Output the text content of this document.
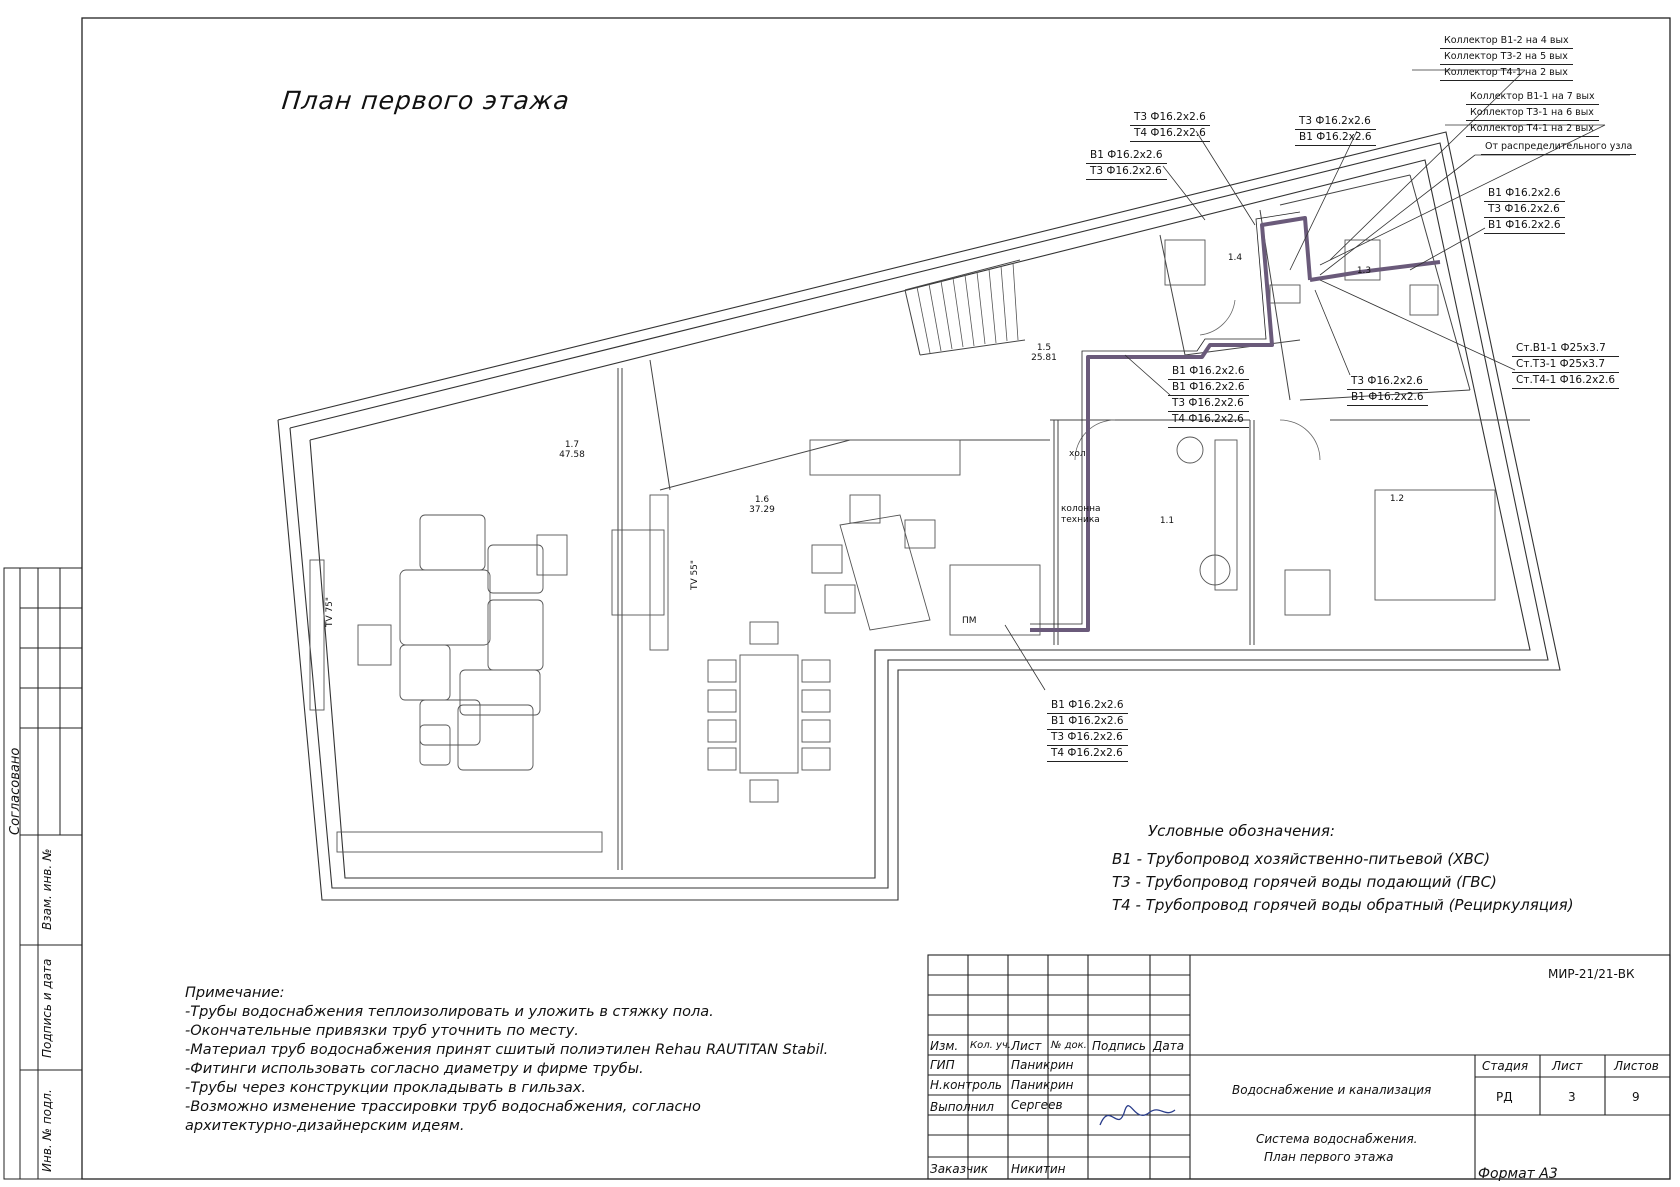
План первого этажа
1.7
47.58
1.6
37.29
1.5
25.81
1.4
1.3
1.2
1.1
TV 75"
TV 55"
хол
колонна
техника
ПМ
Коллектор В1-2 на 4 вых
Коллектор Т3-2 на 5 вых
Коллектор Т4-1 на 2 вых
Коллектор В1-1 на 7 вых
Коллектор Т3-1 на 6 вых
Коллектор Т4-1 на 2 вых
От распределительного узла
Т3 Ф16.2х2.6
Т4 Ф16.2х2.6
В1 Ф16.2х2.6
Т3 Ф16.2х2.6
Т3 Ф16.2х2.6
В1 Ф16.2х2.6
В1 Ф16.2х2.6
Т3 Ф16.2х2.6
В1 Ф16.2х2.6
Ст.В1-1 Ф25х3.7
Ст.Т3-1 Ф25х3.7
Ст.Т4-1 Ф16.2х2.6
Т3 Ф16.2х2.6
В1 Ф16.2х2.6
В1 Ф16.2х2.6
В1 Ф16.2х2.6
Т3 Ф16.2х2.6
Т4 Ф16.2х2.6
В1 Ф16.2х2.6
В1 Ф16.2х2.6
Т3 Ф16.2х2.6
Т4 Ф16.2х2.6
Условные обозначения:
В1 - Трубопровод хозяйственно-питьевой (ХВС)
Т3 - Трубопровод горячей воды подающий (ГВС)
Т4 - Трубопровод горячей воды обратный (Рециркуляция)
Примечание:
-Трубы водоснабжения теплоизолировать и уложить в стяжку пола.
-Окончательные привязки труб уточнить по месту.
-Материал труб водоснабжения принят сшитый полиэтилен Rehau RAUTITAN Stabil.
-Фитинги использовать согласно диаметру и фирме трубы.
-Трубы через конструкции прокладывать в гильзах.
-Возможно изменение трассировки труб водоснабжения, согласно
архитектурно-дизайнерским идеям.
МИР-21/21-ВК
Изм. Кол. уч. Лист № док. Подпись Дата
ГИП	Паникрин
Н.контроль Паникрин
Выполнил Сергеев
Заказчик Никитин
Водоснабжение и канализация
Система водоснабжения.
План первого этажа
Стадия Лист	Листов
РД	3	9
Формат А3
Согласовано
Взам. инв. №
Подпись и дата
Инв. № подл.
